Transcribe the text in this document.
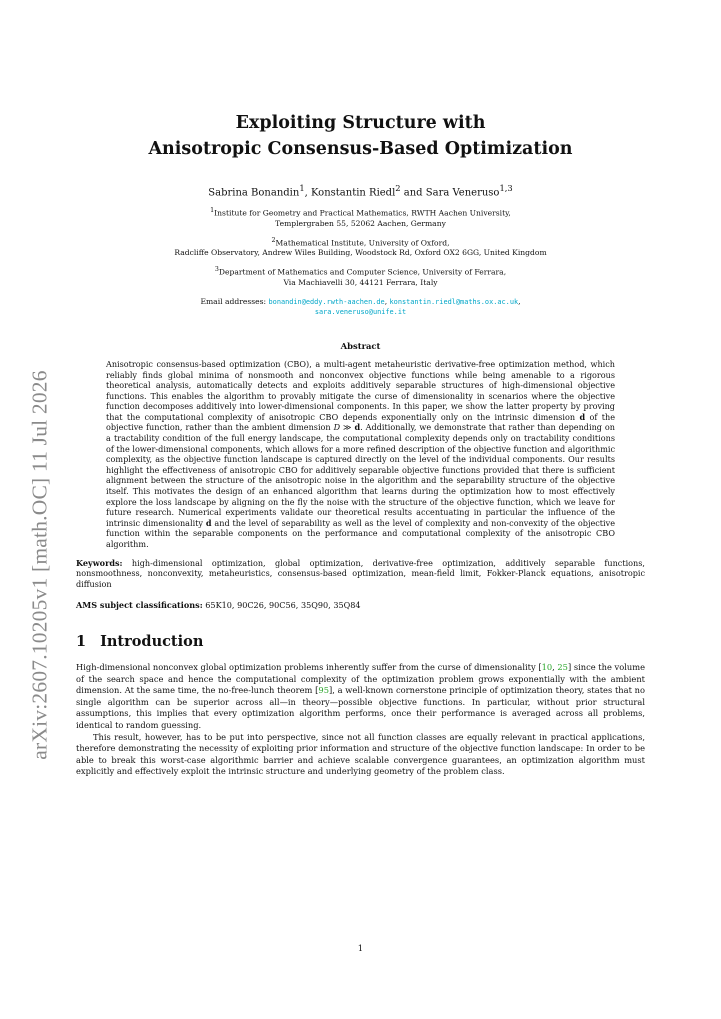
arXiv:2607.10205v1 [math.OC] 11 Jul 2026
Exploiting Structure with
Anisotropic Consensus-Based Optimization
Sabrina Bonandin$^1$, Konstantin Riedl$^2$ and Sara Veneruso$^{1,3}$
$^1$Institute for Geometry and Practical Mathematics, RWTH Aachen University,
Templergraben 55, 52062 Aachen, Germany
$^2$Mathematical Institute, University of Oxford,
Radcliffe Observatory, Andrew Wiles Building, Woodstock Rd, Oxford OX2 6GG, United Kingdom
$^3$Department of Mathematics and Computer Science, University of Ferrara,
Via Machiavelli 30, 44121 Ferrara, Italy
Email addresses: bonandin@eddy.rwth-aachen.de, konstantin.riedl@maths.ox.ac.uk,
sara.veneruso@unife.it
Abstract
Anisotropic consensus-based optimization (CBO), a multi-agent metaheuristic derivative-free optimization method, which reliably finds global minima of nonsmooth and nonconvex objective functions while being amenable to a rigorous theoretical analysis, automatically detects and exploits additively separable structures of high-dimensional objective functions. This enables the algorithm to provably mitigate the curse of dimensionality in scenarios where the objective function decomposes additively into lower-dimensional components. In this paper, we show the latter property by proving that the computational complexity of anisotropic CBO depends exponentially only on the intrinsic dimension d of the objective function, rather than the ambient dimension D ≫ d. Additionally, we demonstrate that rather than depending on a tractability condition of the full energy landscape, the computational complexity depends only on tractability conditions of the lower-dimensional components, which allows for a more refined description of the objective function and algorithmic complexity, as the objective function landscape is captured directly on the level of the individual components. Our results highlight the effectiveness of anisotropic CBO for additively separable objective functions provided that there is sufficient alignment between the structure of the anisotropic noise in the algorithm and the separability structure of the objective itself. This motivates the design of an enhanced algorithm that learns during the optimization how to most effectively explore the loss landscape by aligning on the fly the noise with the structure of the objective function, which we leave for future research. Numerical experiments validate our theoretical results accentuating in particular the influence of the intrinsic dimensionality d and the level of separability as well as the level of complexity and non-convexity of the objective function within the separable components on the performance and computational complexity of the anisotropic CBO algorithm.
Keywords: high-dimensional optimization, global optimization, derivative-free optimization, additively separable functions, nonsmoothness, nonconvexity, metaheuristics, consensus-based optimization, mean-field limit, Fokker-Planck equations, anisotropic diffusion
AMS subject classifications: 65K10, 90C26, 90C56, 35Q90, 35Q84
1 Introduction
High-dimensional nonconvex global optimization problems inherently suffer from the curse of dimensionality [10, 25] since the volume of the search space and hence the computational complexity of the optimization problem grows exponentially with the ambient dimension. At the same time, the no-free-lunch theorem [95], a well-known cornerstone principle of optimization theory, states that no single algorithm can be superior across all—in theory—possible objective functions. In particular, without prior structural assumptions, this implies that every optimization algorithm performs, once their performance is averaged across all problems, identical to random guessing.
This result, however, has to be put into perspective, since not all function classes are equally relevant in practical applications, therefore demonstrating the necessity of exploiting prior information and structure of the objective function landscape: In order to be able to break this worst-case algorithmic barrier and achieve scalable convergence guarantees, an optimization algorithm must explicitly and effectively exploit the intrinsic structure and underlying geometry of the problem class.
1
